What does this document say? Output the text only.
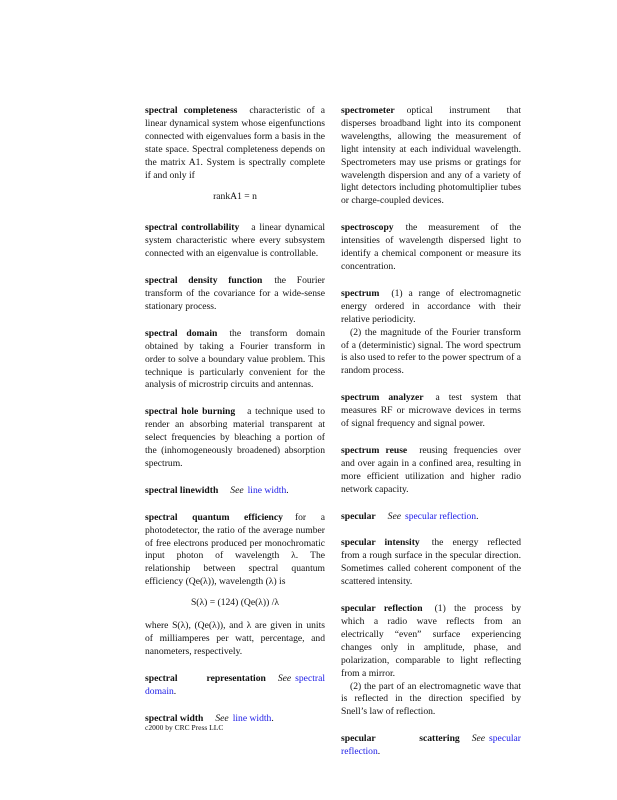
spectral completeness characteristic of a linear dynamical system whose eigenfunctions connected with eigenvalues form a basis in the state space. Spectral completeness depends on the matrix A1. System is spectrally complete if and only if
rankA1 = n
spectral controllability a linear dynamical system characteristic where every subsystem connected with an eigenvalue is controllable.
spectral density function the Fourier transform of the covariance for a wide-sense stationary process.
spectral domain the transform domain obtained by taking a Fourier transform in order to solve a boundary value problem. This technique is particularly convenient for the analysis of microstrip circuits and antennas.
spectral hole burning a technique used to render an absorbing material transparent at select frequencies by bleaching a portion of the (inhomogeneously broadened) absorption spectrum.
spectral linewidth See line width.
spectral quantum efficiency for a photodetector, the ratio of the average number of free electrons produced per monochromatic input photon of wavelength λ. The relationship between spectral quantum efficiency (Qe(λ)), wavelength (λ) is
S(λ) = (124) (Qe(λ)) /λ
where S(λ), (Qe(λ)), and λ are given in units of milliamperes per watt, percentage, and nanometers, respectively.
spectral representation See spectral domain.
spectral width See line width.
spectrometer optical instrument that disperses broadband light into its component wavelengths, allowing the measurement of light intensity at each individual wavelength. Spectrometers may use prisms or gratings for wavelength dispersion and any of a variety of light detectors including photomultiplier tubes or charge-coupled devices.
spectroscopy the measurement of the intensities of wavelength dispersed light to identify a chemical component or measure its concentration.
spectrum (1) a range of electromagnetic energy ordered in accordance with their relative periodicity.
(2) the magnitude of the Fourier transform of a (deterministic) signal. The word spectrum is also used to refer to the power spectrum of a random process.
spectrum analyzer a test system that measures RF or microwave devices in terms of signal frequency and signal power.
spectrum reuse reusing frequencies over and over again in a confined area, resulting in more efficient utilization and higher radio network capacity.
specular See specular reflection.
specular intensity the energy reflected from a rough surface in the specular direction. Sometimes called coherent component of the scattered intensity.
specular reflection (1) the process by which a radio wave reflects from an electrically “even” surface experiencing changes only in amplitude, phase, and polarization, comparable to light reflecting from a mirror.
(2) the part of an electromagnetic wave that is reflected in the direction specified by Snell’s law of reflection.
specular scattering See specular reflection.
c2000 by CRC Press LLC
